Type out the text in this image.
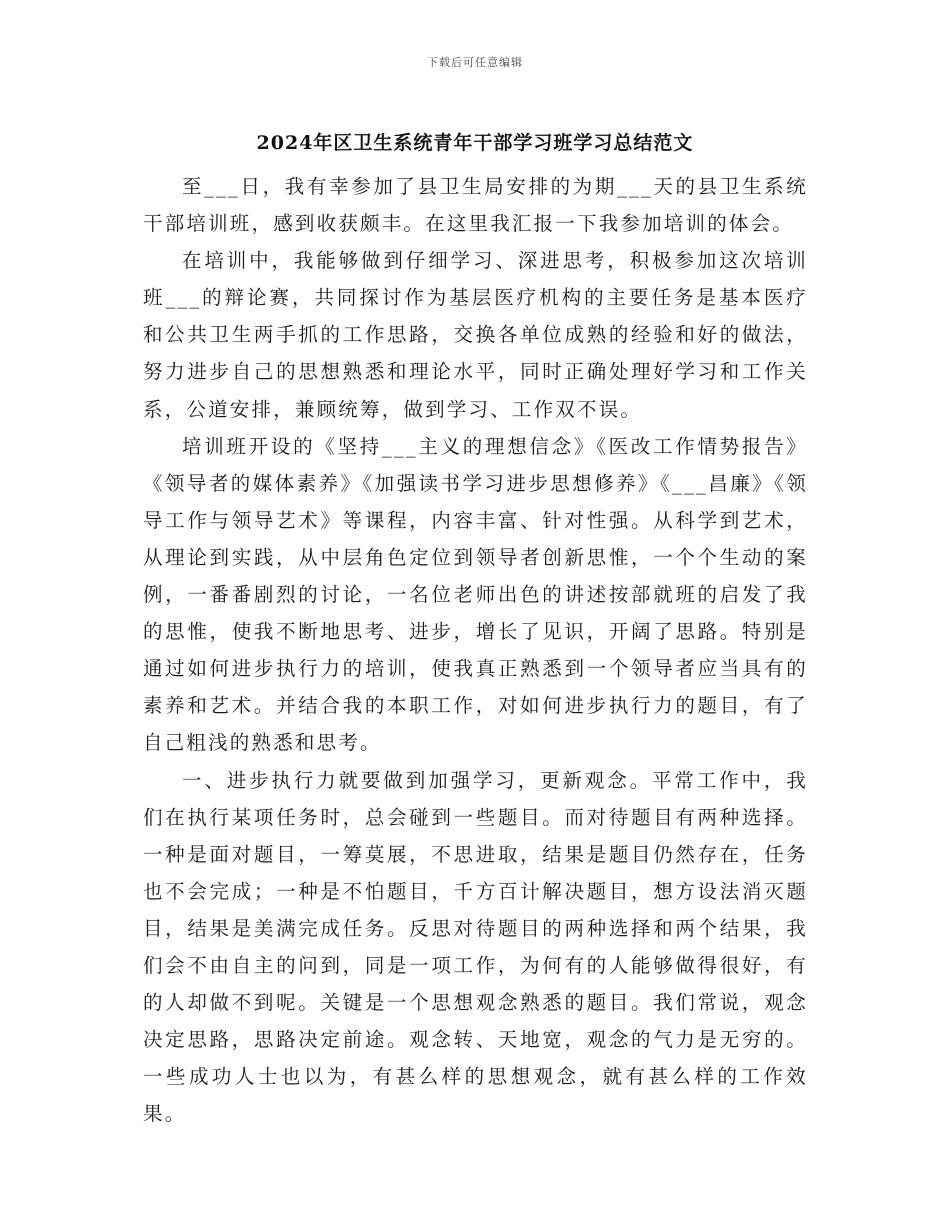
下载后可任意编辑
2024年区卫生系统青年干部学习班学习总结范文

至___日，我有幸参加了县卫生局安排的为期___天的县卫生系统干部培训班，感到收获颇丰。在这里我汇报一下我参加培训的体会。

在培训中，我能够做到仔细学习、深进思考，积极参加这次培训班___的辩论赛，共同探讨作为基层医疗机构的主要任务是基本医疗和公共卫生两手抓的工作思路，交换各单位成熟的经验和好的做法，努力进步自己的思想熟悉和理论水平，同时正确处理好学习和工作关系，公道安排，兼顾统筹，做到学习、工作双不误。

培训班开设的《坚持___主义的理想信念》《医改工作情势报告》《领导者的媒体素养》《加强读书学习进步思想修养》《___昌廉》《领导工作与领导艺术》等课程，内容丰富、针对性强。从科学到艺术，从理论到实践，从中层角色定位到领导者创新思惟，一个个生动的案例，一番番剧烈的讨论，一名位老师出色的讲述按部就班的启发了我的思惟，使我不断地思考、进步，增长了见识，开阔了思路。特别是通过如何进步执行力的培训，使我真正熟悉到一个领导者应当具有的素养和艺术。并结合我的本职工作，对如何进步执行力的题目，有了自己粗浅的熟悉和思考。

一、进步执行力就要做到加强学习，更新观念。平常工作中，我们在执行某项任务时，总会碰到一些题目。而对待题目有两种选择。一种是面对题目，一筹莫展，不思进取，结果是题目仍然存在，任务也不会完成；一种是不怕题目，千方百计解决题目，想方设法消灭题目，结果是美满完成任务。反思对待题目的两种选择和两个结果，我们会不由自主的问到，同是一项工作，为何有的人能够做得很好，有的人却做不到呢。关键是一个思想观念熟悉的题目。我们常说，观念决定思路，思路决定前途。观念转、天地宽，观念的气力是无穷的。一些成功人士也以为，有甚么样的思想观念，就有甚么样的工作效果。
